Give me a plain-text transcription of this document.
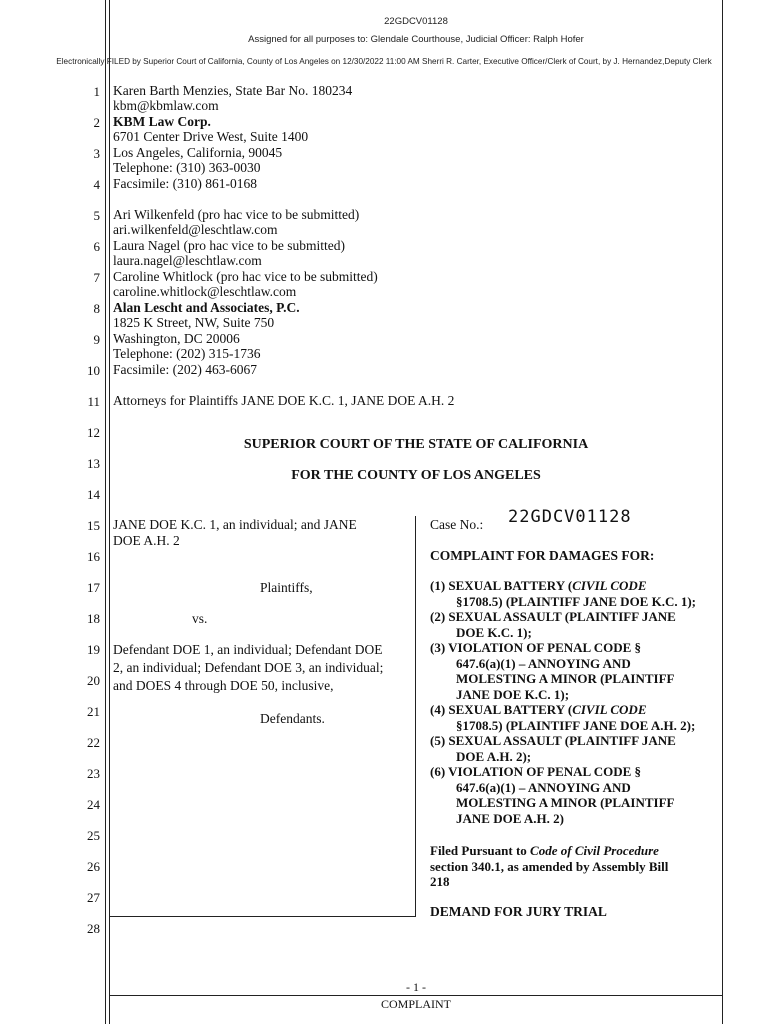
22GDCV01128
Assigned for all purposes to: Glendale Courthouse, Judicial Officer: Ralph Hofer
Electronically FILED by Superior Court of California, County of Los Angeles on 12/30/2022 11:00 AM Sherri R. Carter, Executive Officer/Clerk of Court, by J. Hernandez,Deputy Clerk
1
2
3
4
5
6
7
8
9
10
11
12
13
14
15
16
17
18
19
20
21
22
23
24
25
26
27
28
Karen Barth Menzies, State Bar No. 180234
kbm@kbmlaw.com
KBM Law Corp.
6701 Center Drive West, Suite 1400
Los Angeles, California, 90045
Telephone: (310) 363-0030
Facsimile: (310) 861-0168
Ari Wilkenfeld (pro hac vice to be submitted)
ari.wilkenfeld@leschtlaw.com
Laura Nagel (pro hac vice to be submitted)
laura.nagel@leschtlaw.com
Caroline Whitlock (pro hac vice to be submitted)
caroline.whitlock@leschtlaw.com
Alan Lescht and Associates, P.C.
1825 K Street, NW, Suite 750
Washington, DC 20006
Telephone: (202) 315-1736
Facsimile: (202) 463-6067
Attorneys for Plaintiffs JANE DOE K.C. 1, JANE DOE A.H. 2
SUPERIOR COURT OF THE STATE OF CALIFORNIA
FOR THE COUNTY OF LOS ANGELES
JANE DOE K.C. 1, an individual; and JANE
DOE A.H. 2
Plaintiffs,
vs.
Defendant DOE 1, an individual; Defendant DOE
2, an individual; Defendant DOE 3, an individual;
and DOES 4 through DOE 50, inclusive,
Defendants.
Case No.: 22GDCV01128
COMPLAINT FOR DAMAGES FOR:
(1) SEXUAL BATTERY (CIVIL CODE
§1708.5) (PLAINTIFF JANE DOE K.C. 1);
(2) SEXUAL ASSAULT (PLAINTIFF JANE
DOE K.C. 1);
(3) VIOLATION OF PENAL CODE §
647.6(a)(1) – ANNOYING AND
MOLESTING A MINOR (PLAINTIFF
JANE DOE K.C. 1);
(4) SEXUAL BATTERY (CIVIL CODE
§1708.5) (PLAINTIFF JANE DOE A.H. 2);
(5) SEXUAL ASSAULT (PLAINTIFF JANE
DOE A.H. 2);
(6) VIOLATION OF PENAL CODE §
647.6(a)(1) – ANNOYING AND
MOLESTING A MINOR (PLAINTIFF
JANE DOE A.H. 2)
Filed Pursuant to Code of Civil Procedure
section 340.1, as amended by Assembly Bill
218
DEMAND FOR JURY TRIAL
- 1 -
COMPLAINT
